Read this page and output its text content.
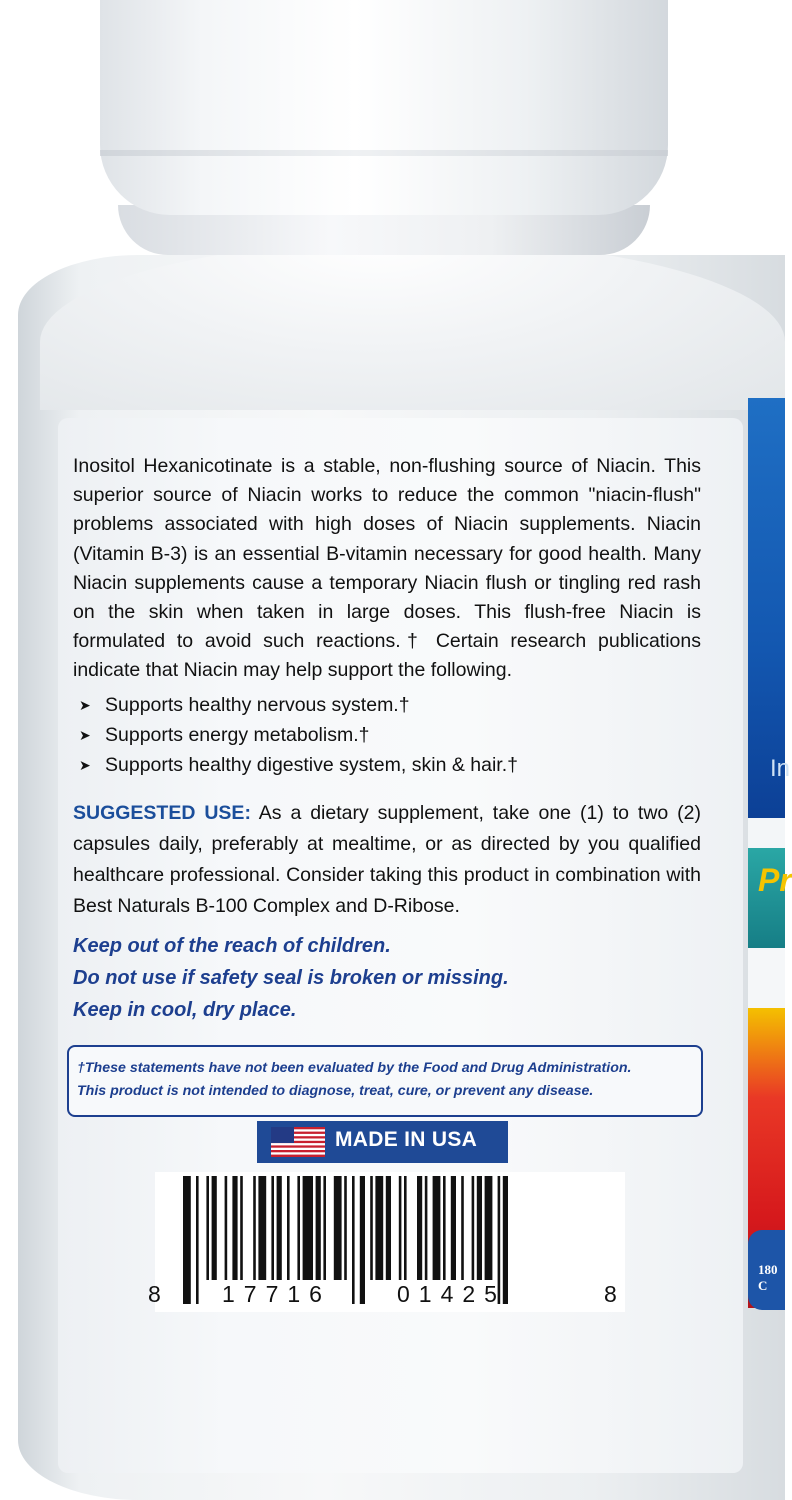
In
Pr
180 C

Inositol Hexanicotinate is a stable, non-flushing source of Niacin. This superior source of Niacin works to reduce the common "niacin-flush" problems associated with high doses of Niacin supplements. Niacin (Vitamin B-3) is an essential B-vitamin necessary for good health. Many Niacin supplements cause a temporary Niacin flush or tingling red rash on the skin when taken in large doses. This flush-free Niacin is formulated to avoid such reactions.† Certain research publications indicate that Niacin may help support the following.

➤ Supports healthy nervous system.†
➤ Supports energy metabolism.†
➤ Supports healthy digestive system, skin & hair.†

SUGGESTED USE: As a dietary supplement, take one (1) to two (2) capsules daily, preferably at mealtime, or as directed by you qualified healthcare professional. Consider taking this product in combination with Best Naturals B-100 Complex and D-Ribose.

Keep out of the reach of children.

Do not use if safety seal is broken or missing.

Keep in cool, dry place.

†These statements have not been evaluated by the Food and Drug Administration.

This product is not intended to diagnose, treat, cure, or prevent any disease.

MADE IN USA
8 17716	01425	8
